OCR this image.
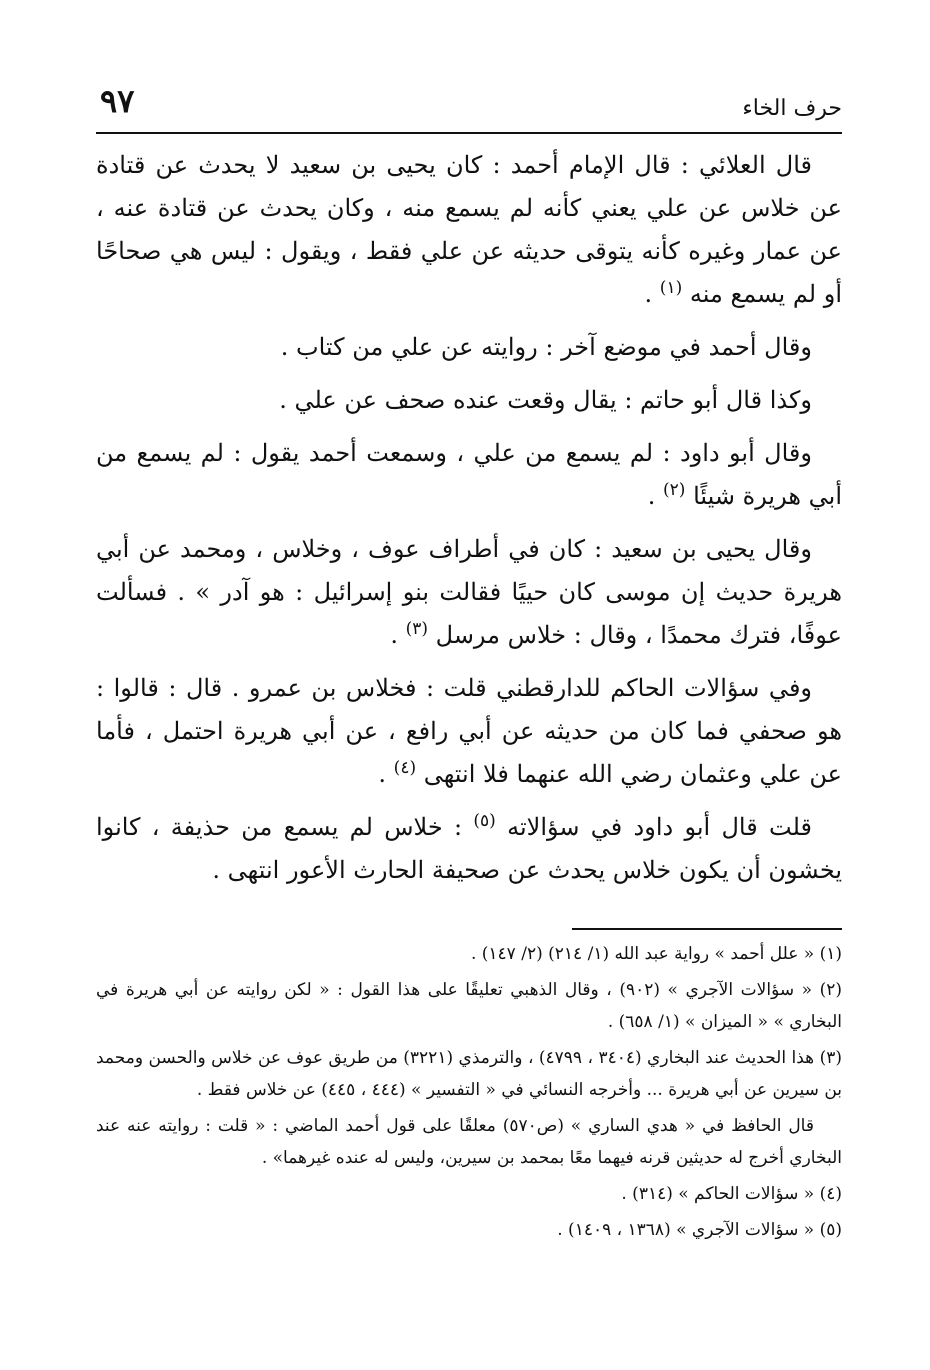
حرف الخاء
٩٧

قال العلائي : قال الإمام أحمد : كان يحيى بن سعيد لا يحدث عن قتادة عن خلاس عن علي يعني كأنه لم يسمع منه ، وكان يحدث عن قتادة عنه ، عن عمار وغيره كأنه يتوقى حديثه عن علي فقط ، ويقول : ليس هي صحاحًا أو لم يسمع منه $^{(١)}$ .

وقال أحمد في موضع آخر : روايته عن علي من كتاب .

وكذا قال أبو حاتم : يقال وقعت عنده صحف عن علي .

وقال أبو داود : لم يسمع من علي ، وسمعت أحمد يقول : لم يسمع من أبي هريرة شيئًا $^{(٢)}$ .

وقال يحيى بن سعيد : كان في أطراف عوف ، وخلاس ، ومحمد عن أبي هريرة حديث إن موسى كان حييًا فقالت بنو إسرائيل : هو آدر » . فسألت عوفًا، فترك محمدًا ، وقال : خلاس مرسل $^{(٣)}$ .

وفي سؤالات الحاكم للدارقطني قلت : فخلاس بن عمرو . قال : قالوا : هو صحفي فما كان من حديثه عن أبي رافع ، عن أبي هريرة احتمل ، فأما عن علي وعثمان رضي الله عنهما فلا انتهى $^{(٤)}$ .

قلت قال أبو داود في سؤالاته $^{(٥)}$ : خلاس لم يسمع من حذيفة ، كانوا يخشون أن يكون خلاس يحدث عن صحيفة الحارث الأعور انتهى .

(١) « علل أحمد » رواية عبد الله (١/ ٢١٤) (٢/ ١٤٧) .

(٢) « سؤالات الآجري » (٩٠٢) ، وقال الذهبي تعليقًا على هذا القول : « لكن روايته عن أبي هريرة في البخاري » « الميزان » (١/ ٦٥٨) .

(٣) هذا الحديث عند البخاري (٣٤٠٤ ، ٤٧٩٩) ، والترمذي (٣٢٢١) من طريق عوف عن خلاس والحسن ومحمد بن سيرين عن أبي هريرة ... وأخرجه النسائي في « التفسير » (٤٤٤ ، ٤٤٥) عن خلاس فقط .

قال الحافظ في « هدي الساري » (ص٥٧٠) معلقًا على قول أحمد الماضي : « قلت : روايته عنه عند البخاري أخرج له حديثين قرنه فيهما معًا بمحمد بن سيرين، وليس له عنده غيرهما» .

(٤) « سؤالات الحاكم » (٣١٤) .

(٥) « سؤالات الآجري » (١٣٦٨ ، ١٤٠٩) .
